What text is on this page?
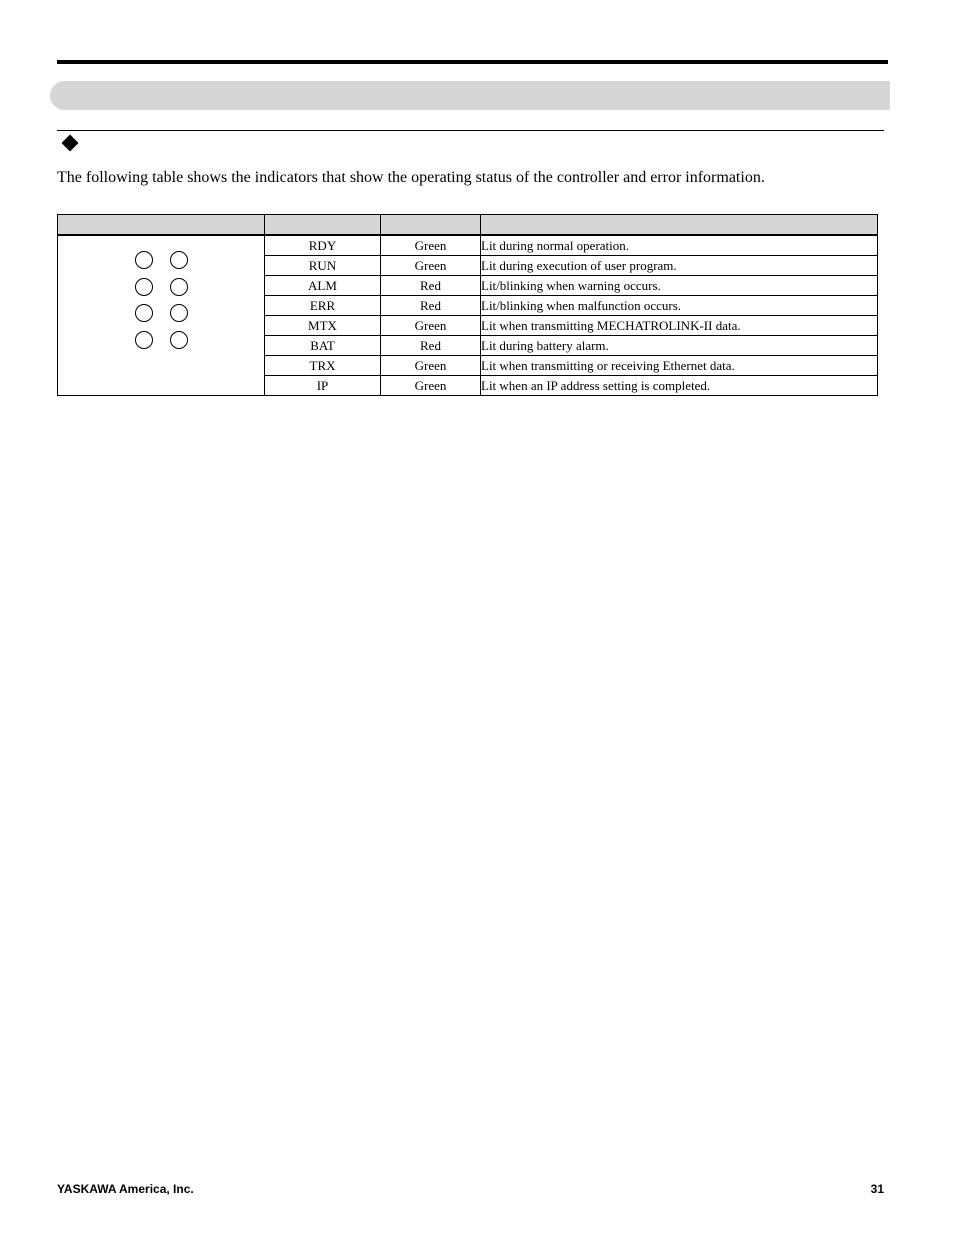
The following table shows the indicators that show the operating status of the controller and error information.

	RDY	Green	Lit during normal operation.
	RUN	Green	Lit during execution of user program.
	ALM	Red	Lit/blinking when warning occurs.
	ERR	Red	Lit/blinking when malfunction occurs.
	MTX	Green	Lit when transmitting MECHATROLINK-II data.
	BAT	Red	Lit during battery alarm.
	TRX	Green	Lit when transmitting or receiving Ethernet data.
	IP	Green	Lit when an IP address setting is completed.
YASKAWA America, Inc.	31
